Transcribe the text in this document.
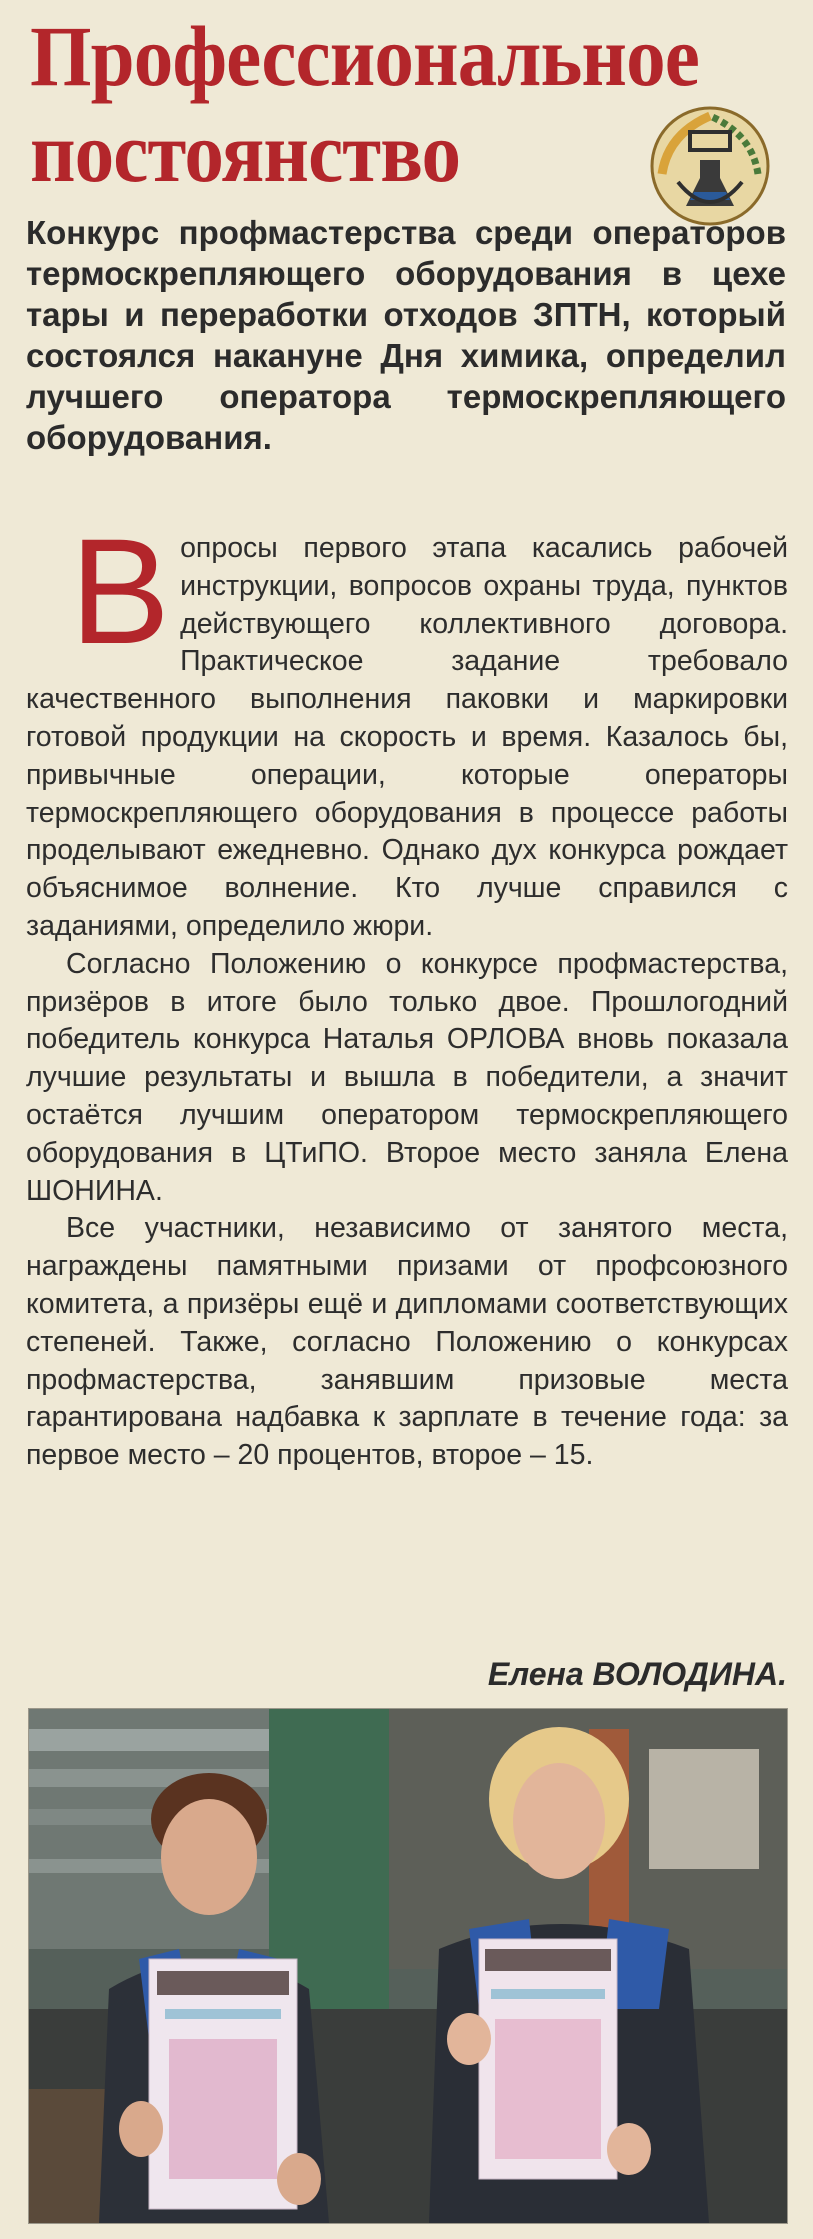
Профессиональное
постоянство

Конкурс профмастерства среди операторов термоскрепляющего оборудования в цехе тары и переработки отходов ЗПТН, который состоялся накануне Дня химика, определил лучшего оператора термоскрепляющего оборудования.

Вопросы первого этапа касались рабочей инструкции, вопросов охраны труда, пунктов действующего коллективного договора. Практическое задание требовало качественного выполнения паковки и маркировки готовой продукции на скорость и время. Казалось бы, привычные операции, которые операторы термоскрепляющего оборудования в процессе работы проделывают ежедневно. Однако дух конкурса рождает объяснимое волнение. Кто лучше справился с заданиями, определило жюри.

Согласно Положению о конкурсе профмастерства, призёров в итоге было только двое. Прошлогодний победитель конкурса Наталья ОРЛОВА вновь показала лучшие результаты и вышла в победители, а значит остаётся лучшим оператором термоскрепляющего оборудования в ЦТиПО. Второе место заняла Елена ШОНИНА.

Все участники, независимо от занятого места, награждены памятными призами от профсоюзного комитета, а призёры ещё и дипломами соответствующих степеней. Также, согласно Положению о конкурсах профмастерства, занявшим призовые места гарантирована надбавка к зарплате в течение года: за первое место – 20 процентов, второе – 15.

Елена ВОЛОДИНА.
